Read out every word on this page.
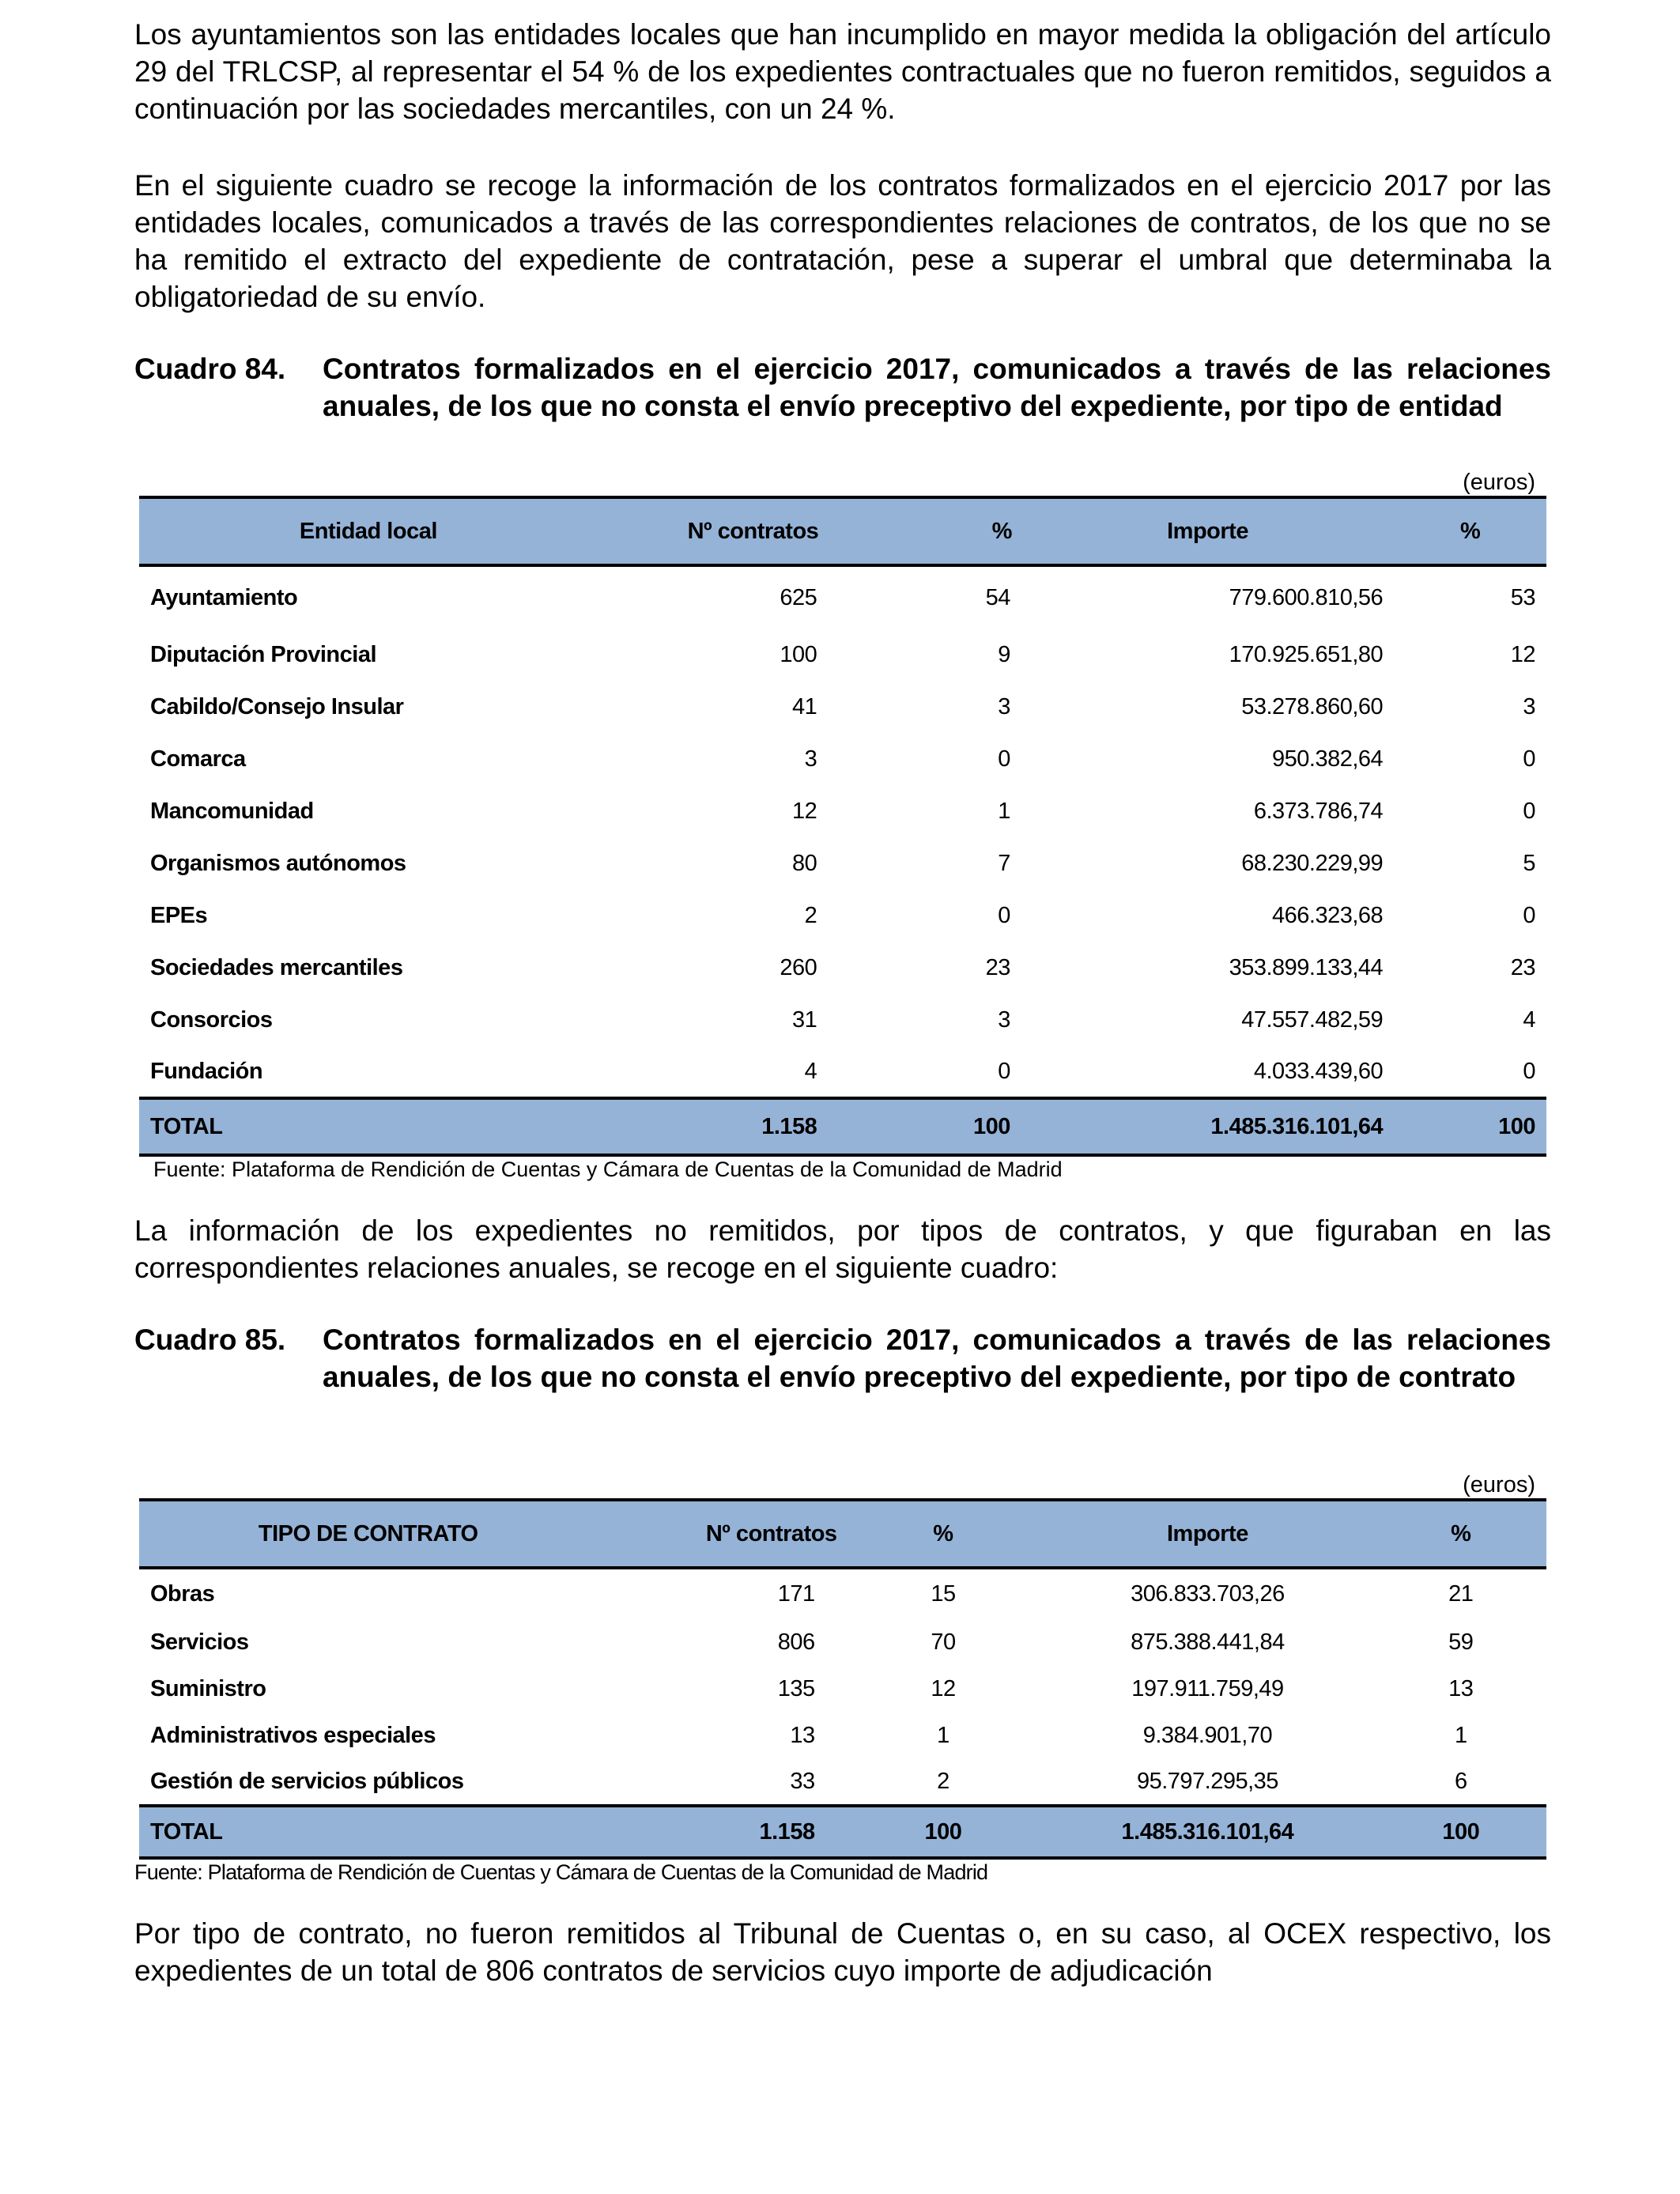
Los ayuntamientos son las entidades locales que han incumplido en mayor medida la obligación del artículo 29 del TRLCSP, al representar el 54 % de los expedientes contractuales que no fueron remitidos, seguidos a continuación por las sociedades mercantiles, con un 24 %.

En el siguiente cuadro se recoge la información de los contratos formalizados en el ejercicio 2017 por las entidades locales, comunicados a través de las correspondientes relaciones de contratos, de los que no se ha remitido el extracto del expediente de contratación, pese a superar el umbral que determinaba la obligatoriedad de su envío.

Cuadro 84.	Contratos formalizados en el ejercicio 2017, comunicados a través de las relaciones anuales, de los que no consta el envío preceptivo del expediente, por tipo de entidad
(euros)
Entidad local	Nº contratos	%	Importe	%
Ayuntamiento	625	54	779.600.810,56	53
Diputación Provincial	100	9	170.925.651,80	12
Cabildo/Consejo Insular	41	3	53.278.860,60	3
Comarca	3	0	950.382,64	0
Mancomunidad	12	1	6.373.786,74	0
Organismos autónomos	80	7	68.230.229,99	5
EPEs	2	0	466.323,68	0
Sociedades mercantiles	260	23	353.899.133,44	23
Consorcios	31	3	47.557.482,59	4
Fundación	4	0	4.033.439,60	0
TOTAL	1.158	100	1.485.316.101,64	100
Fuente: Plataforma de Rendición de Cuentas y Cámara de Cuentas de la Comunidad de Madrid

La información de los expedientes no remitidos, por tipos de contratos, y que figuraban en las correspondientes relaciones anuales, se recoge en el siguiente cuadro:

Cuadro 85.	Contratos formalizados en el ejercicio 2017, comunicados a través de las relaciones anuales, de los que no consta el envío preceptivo del expediente, por tipo de contrato
(euros)
TIPO DE CONTRATO	Nº contratos	%	Importe	%
Obras	171	15	306.833.703,26	21
Servicios	806	70	875.388.441,84	59
Suministro	135	12	197.911.759,49	13
Administrativos especiales	13	1	9.384.901,70	1
Gestión de servicios públicos	33	2	95.797.295,35	6
TOTAL	1.158	100	1.485.316.101,64	100
Fuente: Plataforma de Rendición de Cuentas y Cámara de Cuentas de la Comunidad de Madrid

Por tipo de contrato, no fueron remitidos al Tribunal de Cuentas o, en su caso, al OCEX respectivo, los expedientes de un total de 806 contratos de servicios cuyo importe de adjudicación
